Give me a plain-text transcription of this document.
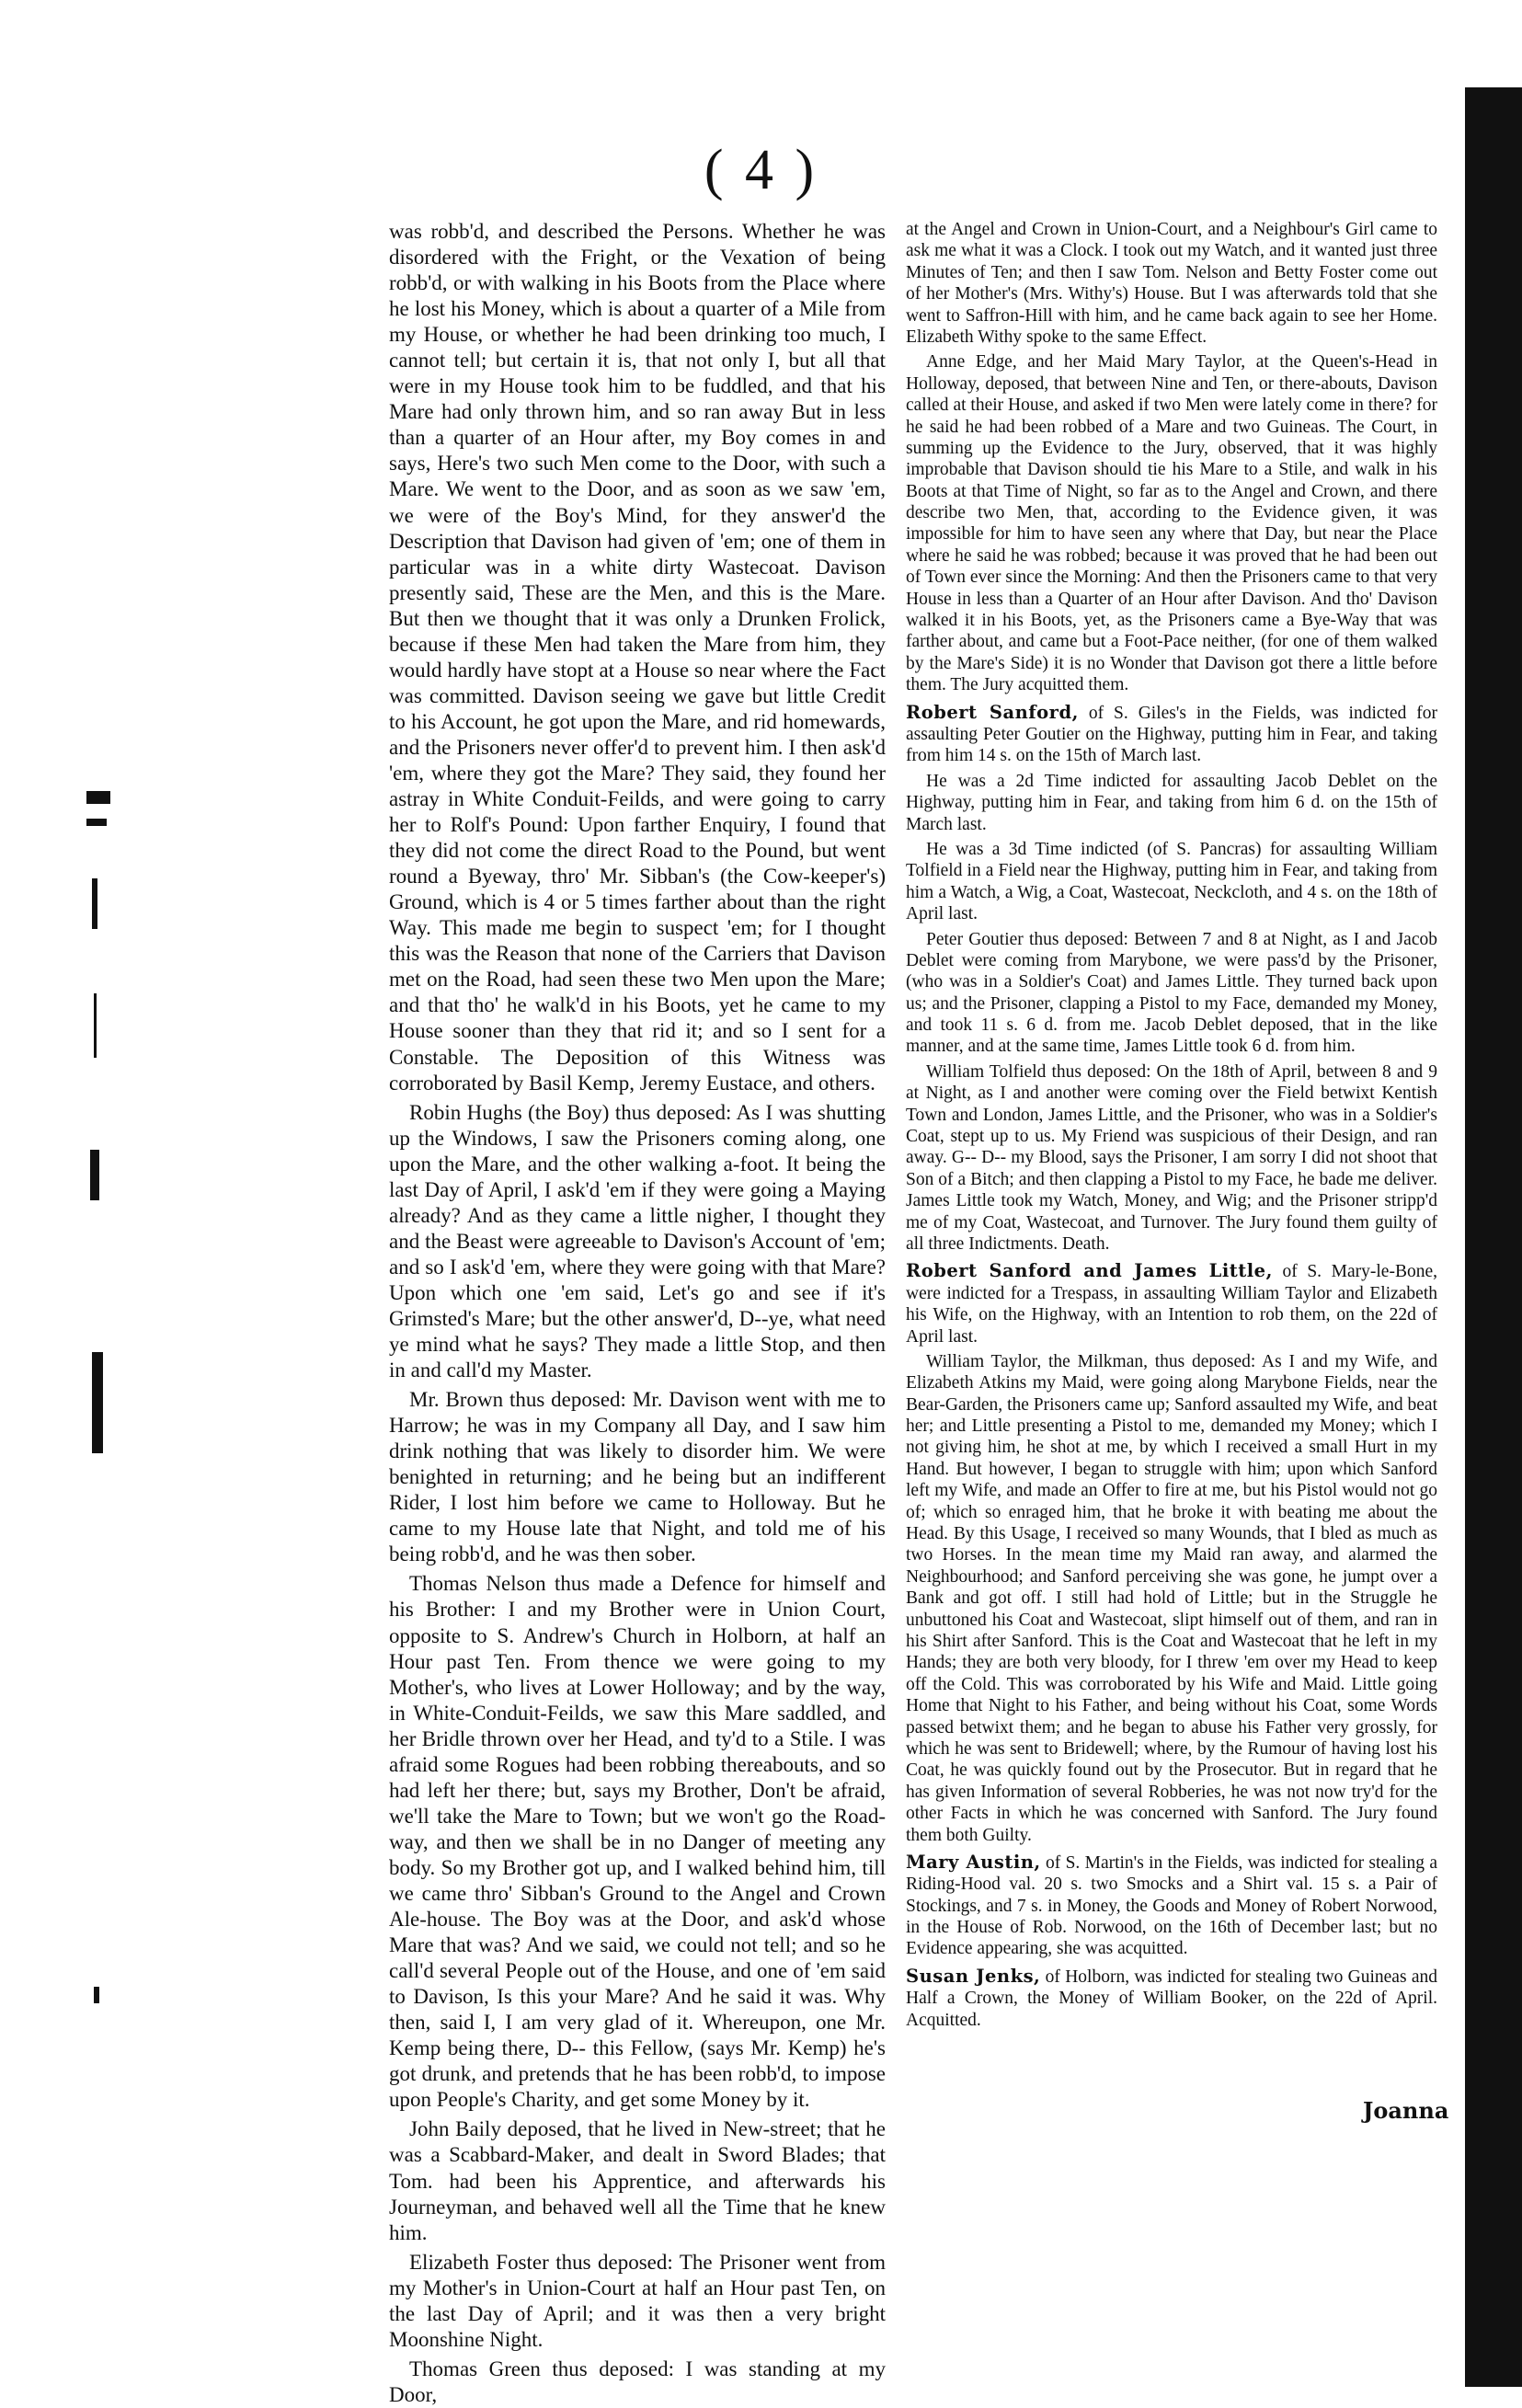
( 4 )

was robb'd, and described the Persons. Whether he was disordered with the Fright, or the Vexation of being robb'd, or with walking in his Boots from the Place where he lost his Money, which is about a quarter of a Mile from my House, or whether he had been drinking too much, I cannot tell; but certain it is, that not only I, but all that were in my House took him to be fuddled, and that his Mare had only thrown him, and so ran away But in less than a quarter of an Hour after, my Boy comes in and says, Here's two such Men come to the Door, with such a Mare. We went to the Door, and as soon as we saw 'em, we were of the Boy's Mind, for they answer'd the Description that Davison had given of 'em; one of them in particular was in a white dirty Wastecoat. Davison presently said, These are the Men, and this is the Mare. But then we thought that it was only a Drunken Frolick, because if these Men had taken the Mare from him, they would hardly have stopt at a House so near where the Fact was committed. Davison seeing we gave but little Credit to his Account, he got upon the Mare, and rid homewards, and the Prisoners never offer'd to prevent him. I then ask'd 'em, where they got the Mare? They said, they found her astray in White Conduit-Feilds, and were going to carry her to Rolf's Pound: Upon farther Enquiry, I found that they did not come the direct Road to the Pound, but went round a Byeway, thro' Mr. Sibban's (the Cow-keeper's) Ground, which is 4 or 5 times farther about than the right Way. This made me begin to suspect 'em; for I thought this was the Reason that none of the Carriers that Davison met on the Road, had seen these two Men upon the Mare; and that tho' he walk'd in his Boots, yet he came to my House sooner than they that rid it; and so I sent for a Constable. The Deposition of this Witness was corroborated by Basil Kemp, Jeremy Eustace, and others.

Robin Hughs (the Boy) thus deposed: As I was shutting up the Windows, I saw the Prisoners coming along, one upon the Mare, and the other walking a-foot. It being the last Day of April, I ask'd 'em if they were going a Maying already? And as they came a little nigher, I thought they and the Beast were agreeable to Davison's Account of 'em; and so I ask'd 'em, where they were going with that Mare? Upon which one 'em said, Let's go and see if it's Grimsted's Mare; but the other answer'd, D--ye, what need ye mind what he says? They made a little Stop, and then in and call'd my Master.

Mr. Brown thus deposed: Mr. Davison went with me to Harrow; he was in my Company all Day, and I saw him drink nothing that was likely to disorder him. We were benighted in returning; and he being but an indifferent Rider, I lost him before we came to Holloway. But he came to my House late that Night, and told me of his being robb'd, and he was then sober.

Thomas Nelson thus made a Defence for himself and his Brother: I and my Brother were in Union Court, opposite to S. Andrew's Church in Holborn, at half an Hour past Ten. From thence we were going to my Mother's, who lives at Lower Holloway; and by the way, in White-Conduit-Feilds, we saw this Mare saddled, and her Bridle thrown over her Head, and ty'd to a Stile. I was afraid some Rogues had been robbing thereabouts, and so had left her there; but, says my Brother, Don't be afraid, we'll take the Mare to Town; but we won't go the Road-way, and then we shall be in no Danger of meeting any body. So my Brother got up, and I walked behind him, till we came thro' Sibban's Ground to the Angel and Crown Ale-house. The Boy was at the Door, and ask'd whose Mare that was? And we said, we could not tell; and so he call'd several People out of the House, and one of 'em said to Davison, Is this your Mare? And he said it was. Why then, said I, I am very glad of it. Whereupon, one Mr. Kemp being there, D-- this Fellow, (says Mr. Kemp) he's got drunk, and pretends that he has been robb'd, to impose upon People's Charity, and get some Money by it.

John Baily deposed, that he lived in New-street; that he was a Scabbard-Maker, and dealt in Sword Blades; that Tom. had been his Apprentice, and afterwards his Journeyman, and behaved well all the Time that he knew him.

Elizabeth Foster thus deposed: The Prisoner went from my Mother's in Union-Court at half an Hour past Ten, on the last Day of April; and it was then a very bright Moonshine Night.

Thomas Green thus deposed: I was standing at my Door,

at the Angel and Crown in Union-Court, and a Neighbour's Girl came to ask me what it was a Clock. I took out my Watch, and it wanted just three Minutes of Ten; and then I saw Tom. Nelson and Betty Foster come out of her Mother's (Mrs. Withy's) House. But I was afterwards told that she went to Saffron-Hill with him, and he came back again to see her Home. Elizabeth Withy spoke to the same Effect.

Anne Edge, and her Maid Mary Taylor, at the Queen's-Head in Holloway, deposed, that between Nine and Ten, or there-abouts, Davison called at their House, and asked if two Men were lately come in there? for he said he had been robbed of a Mare and two Guineas. The Court, in summing up the Evidence to the Jury, observed, that it was highly improbable that Davison should tie his Mare to a Stile, and walk in his Boots at that Time of Night, so far as to the Angel and Crown, and there describe two Men, that, according to the Evidence given, it was impossible for him to have seen any where that Day, but near the Place where he said he was robbed; because it was proved that he had been out of Town ever since the Morning: And then the Prisoners came to that very House in less than a Quarter of an Hour after Davison. And tho' Davison walked it in his Boots, yet, as the Prisoners came a Bye-Way that was farther about, and came but a Foot-Pace neither, (for one of them walked by the Mare's Side) it is no Wonder that Davison got there a little before them. The Jury acquitted them.

Robert Sanford, of S. Giles's in the Fields, was indicted for assaulting Peter Goutier on the Highway, putting him in Fear, and taking from him 14 s. on the 15th of March last.

He was a 2d Time indicted for assaulting Jacob Deblet on the Highway, putting him in Fear, and taking from him 6 d. on the 15th of March last.

He was a 3d Time indicted (of S. Pancras) for assaulting William Tolfield in a Field near the Highway, putting him in Fear, and taking from him a Watch, a Wig, a Coat, Wastecoat, Neckcloth, and 4 s. on the 18th of April last.

Peter Goutier thus deposed: Between 7 and 8 at Night, as I and Jacob Deblet were coming from Marybone, we were pass'd by the Prisoner, (who was in a Soldier's Coat) and James Little. They turned back upon us; and the Prisoner, clapping a Pistol to my Face, demanded my Money, and took 11 s. 6 d. from me. Jacob Deblet deposed, that in the like manner, and at the same time, James Little took 6 d. from him.

William Tolfield thus deposed: On the 18th of April, between 8 and 9 at Night, as I and another were coming over the Field betwixt Kentish Town and London, James Little, and the Prisoner, who was in a Soldier's Coat, stept up to us. My Friend was suspicious of their Design, and ran away. G-- D-- my Blood, says the Prisoner, I am sorry I did not shoot that Son of a Bitch; and then clapping a Pistol to my Face, he bade me deliver. James Little took my Watch, Money, and Wig; and the Prisoner stripp'd me of my Coat, Wastecoat, and Turnover. The Jury found them guilty of all three Indictments. Death.

Robert Sanford and James Little, of S. Mary-le-Bone, were indicted for a Trespass, in assaulting William Taylor and Elizabeth his Wife, on the Highway, with an Intention to rob them, on the 22d of April last.

William Taylor, the Milkman, thus deposed: As I and my Wife, and Elizabeth Atkins my Maid, were going along Marybone Fields, near the Bear-Garden, the Prisoners came up; Sanford assaulted my Wife, and beat her; and Little presenting a Pistol to me, demanded my Money; which I not giving him, he shot at me, by which I received a small Hurt in my Hand. But however, I began to struggle with him; upon which Sanford left my Wife, and made an Offer to fire at me, but his Pistol would not go of; which so enraged him, that he broke it with beating me about the Head. By this Usage, I received so many Wounds, that I bled as much as two Horses. In the mean time my Maid ran away, and alarmed the Neighbourhood; and Sanford perceiving she was gone, he jumpt over a Bank and got off. I still had hold of Little; but in the Struggle he unbuttoned his Coat and Wastecoat, slipt himself out of them, and ran in his Shirt after Sanford. This is the Coat and Wastecoat that he left in my Hands; they are both very bloody, for I threw 'em over my Head to keep off the Cold. This was corroborated by his Wife and Maid. Little going Home that Night to his Father, and being without his Coat, some Words passed betwixt them; and he began to abuse his Father very grossly, for which he was sent to Bridewell; where, by the Rumour of having lost his Coat, he was quickly found out by the Prosecutor. But in regard that he has given Information of several Robberies, he was not now try'd for the other Facts in which he was concerned with Sanford. The Jury found them both Guilty.

Mary Austin, of S. Martin's in the Fields, was indicted for stealing a Riding-Hood val. 20 s. two Smocks and a Shirt val. 15 s. a Pair of Stockings, and 7 s. in Money, the Goods and Money of Robert Norwood, in the House of Rob. Norwood, on the 16th of December last; but no Evidence appearing, she was acquitted.

Susan Jenks, of Holborn, was indicted for stealing two Guineas and Half a Crown, the Money of William Booker, on the 22d of April. Acquitted.

Joanna
